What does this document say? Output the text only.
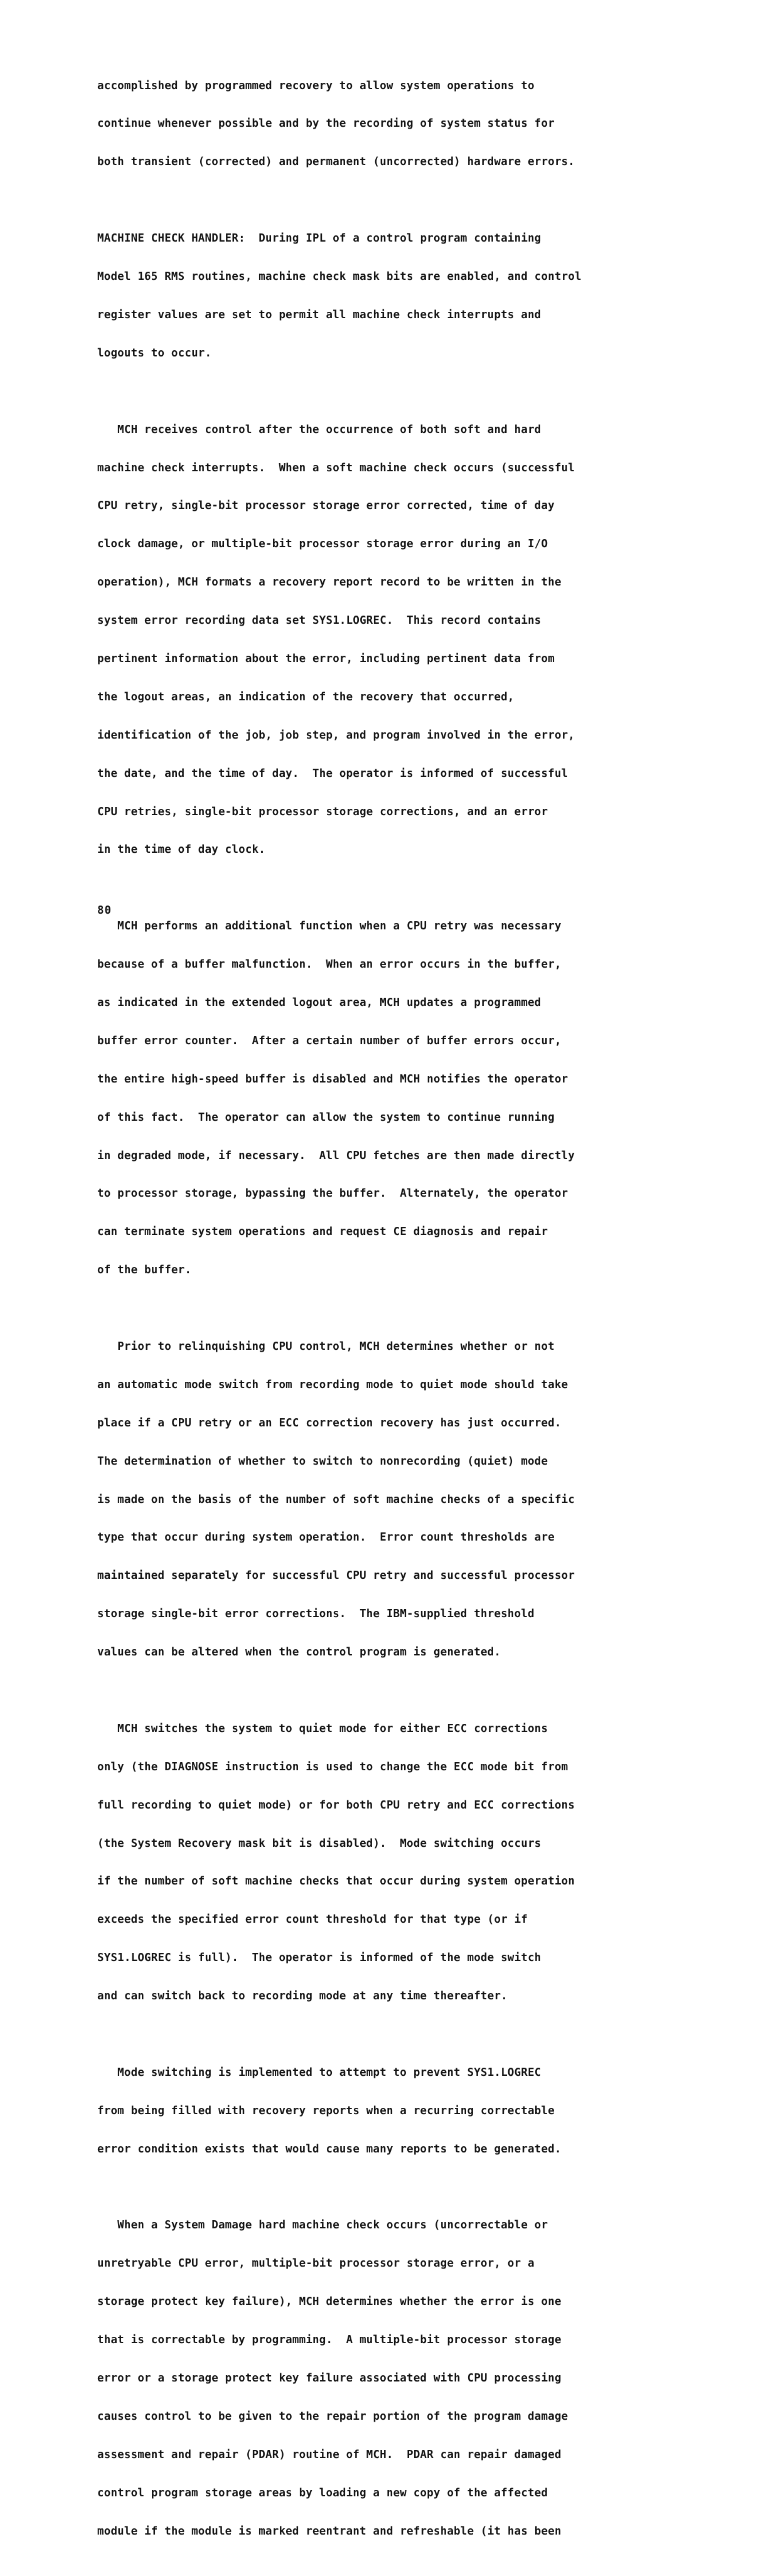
accomplished by programmed recovery to allow system operations to

continue whenever possible and by the recording of system status for

both transient (corrected) and permanent (uncorrected) hardware errors.

MACHINE CHECK HANDLER:  During IPL of a control program containing

Model 165 RMS routines, machine check mask bits are enabled, and control

register values are set to permit all machine check interrupts and

logouts to occur.

MCH receives control after the occurrence of both soft and hard

machine check interrupts.  When a soft machine check occurs (successful

CPU retry, single-bit processor storage error corrected, time of day

clock damage, or multiple-bit processor storage error during an I/O

operation), MCH formats a recovery report record to be written in the

system error recording data set SYS1.LOGREC.  This record contains

pertinent information about the error, including pertinent data from

the logout areas, an indication of the recovery that occurred,

identification of the job, job step, and program involved in the error,

the date, and the time of day.  The operator is informed of successful

CPU retries, single-bit processor storage corrections, and an error

in the time of day clock.

MCH performs an additional function when a CPU retry was necessary

because of a buffer malfunction.  When an error occurs in the buffer,

as indicated in the extended logout area, MCH updates a programmed

buffer error counter.  After a certain number of buffer errors occur,

the entire high-speed buffer is disabled and MCH notifies the operator

of this fact.  The operator can allow the system to continue running

in degraded mode, if necessary.  All CPU fetches are then made directly

to processor storage, bypassing the buffer.  Alternately, the operator

can terminate system operations and request CE diagnosis and repair

of the buffer.

Prior to relinquishing CPU control, MCH determines whether or not

an automatic mode switch from recording mode to quiet mode should take

place if a CPU retry or an ECC correction recovery has just occurred.

The determination of whether to switch to nonrecording (quiet) mode

is made on the basis of the number of soft machine checks of a specific

type that occur during system operation.  Error count thresholds are

maintained separately for successful CPU retry and successful processor

storage single-bit error corrections.  The IBM-supplied threshold

values can be altered when the control program is generated.

MCH switches the system to quiet mode for either ECC corrections

only (the DIAGNOSE instruction is used to change the ECC mode bit from

full recording to quiet mode) or for both CPU retry and ECC corrections

(the System Recovery mask bit is disabled).  Mode switching occurs

if the number of soft machine checks that occur during system operation

exceeds the specified error count threshold for that type (or if

SYS1.LOGREC is full).  The operator is informed of the mode switch

and can switch back to recording mode at any time thereafter.

Mode switching is implemented to attempt to prevent SYS1.LOGREC

from being filled with recovery reports when a recurring correctable

error condition exists that would cause many reports to be generated.

When a System Damage hard machine check occurs (uncorrectable or

unretryable CPU error, multiple-bit processor storage error, or a

storage protect key failure), MCH determines whether the error is one

that is correctable by programming.  A multiple-bit processor storage

error or a storage protect key failure associated with CPU processing

causes control to be given to the repair portion of the program damage

assessment and repair (PDAR) routine of MCH.  PDAR can repair damaged

control program storage areas by loading a new copy of the affected

module if the module is marked reentrant and refreshable (it has been

80
